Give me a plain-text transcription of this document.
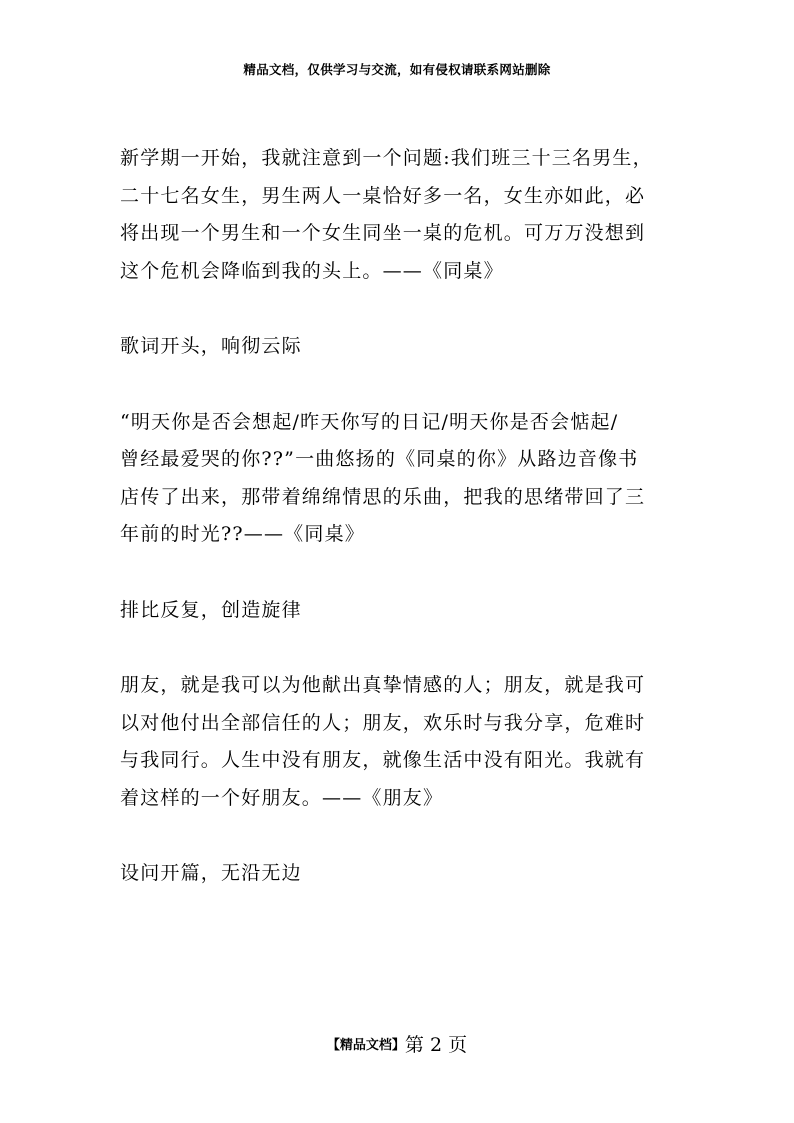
精品文档，仅供学习与交流，如有侵权请联系网站删除
新学期一开始，我就注意到一个问题:我们班三十三名男生，
二十七名女生，男生两人一桌恰好多一名，女生亦如此，必
将出现一个男生和一个女生同坐一桌的危机。可万万没想到
这个危机会降临到我的头上。——《同桌》
歌词开头，响彻云际
“明天你是否会想起/昨天你写的日记/明天你是否会惦起/
曾经最爱哭的你??”一曲悠扬的《同桌的你》从路边音像书
店传了出来，那带着绵绵情思的乐曲，把我的思绪带回了三
年前的时光??——《同桌》
排比反复，创造旋律
朋友，就是我可以为他献出真挚情感的人；朋友，就是我可
以对他付出全部信任的人；朋友，欢乐时与我分享，危难时
与我同行。人生中没有朋友，就像生活中没有阳光。我就有
着这样的一个好朋友。——《朋友》
设问开篇，无沿无边
【精品文档】第 2 页
